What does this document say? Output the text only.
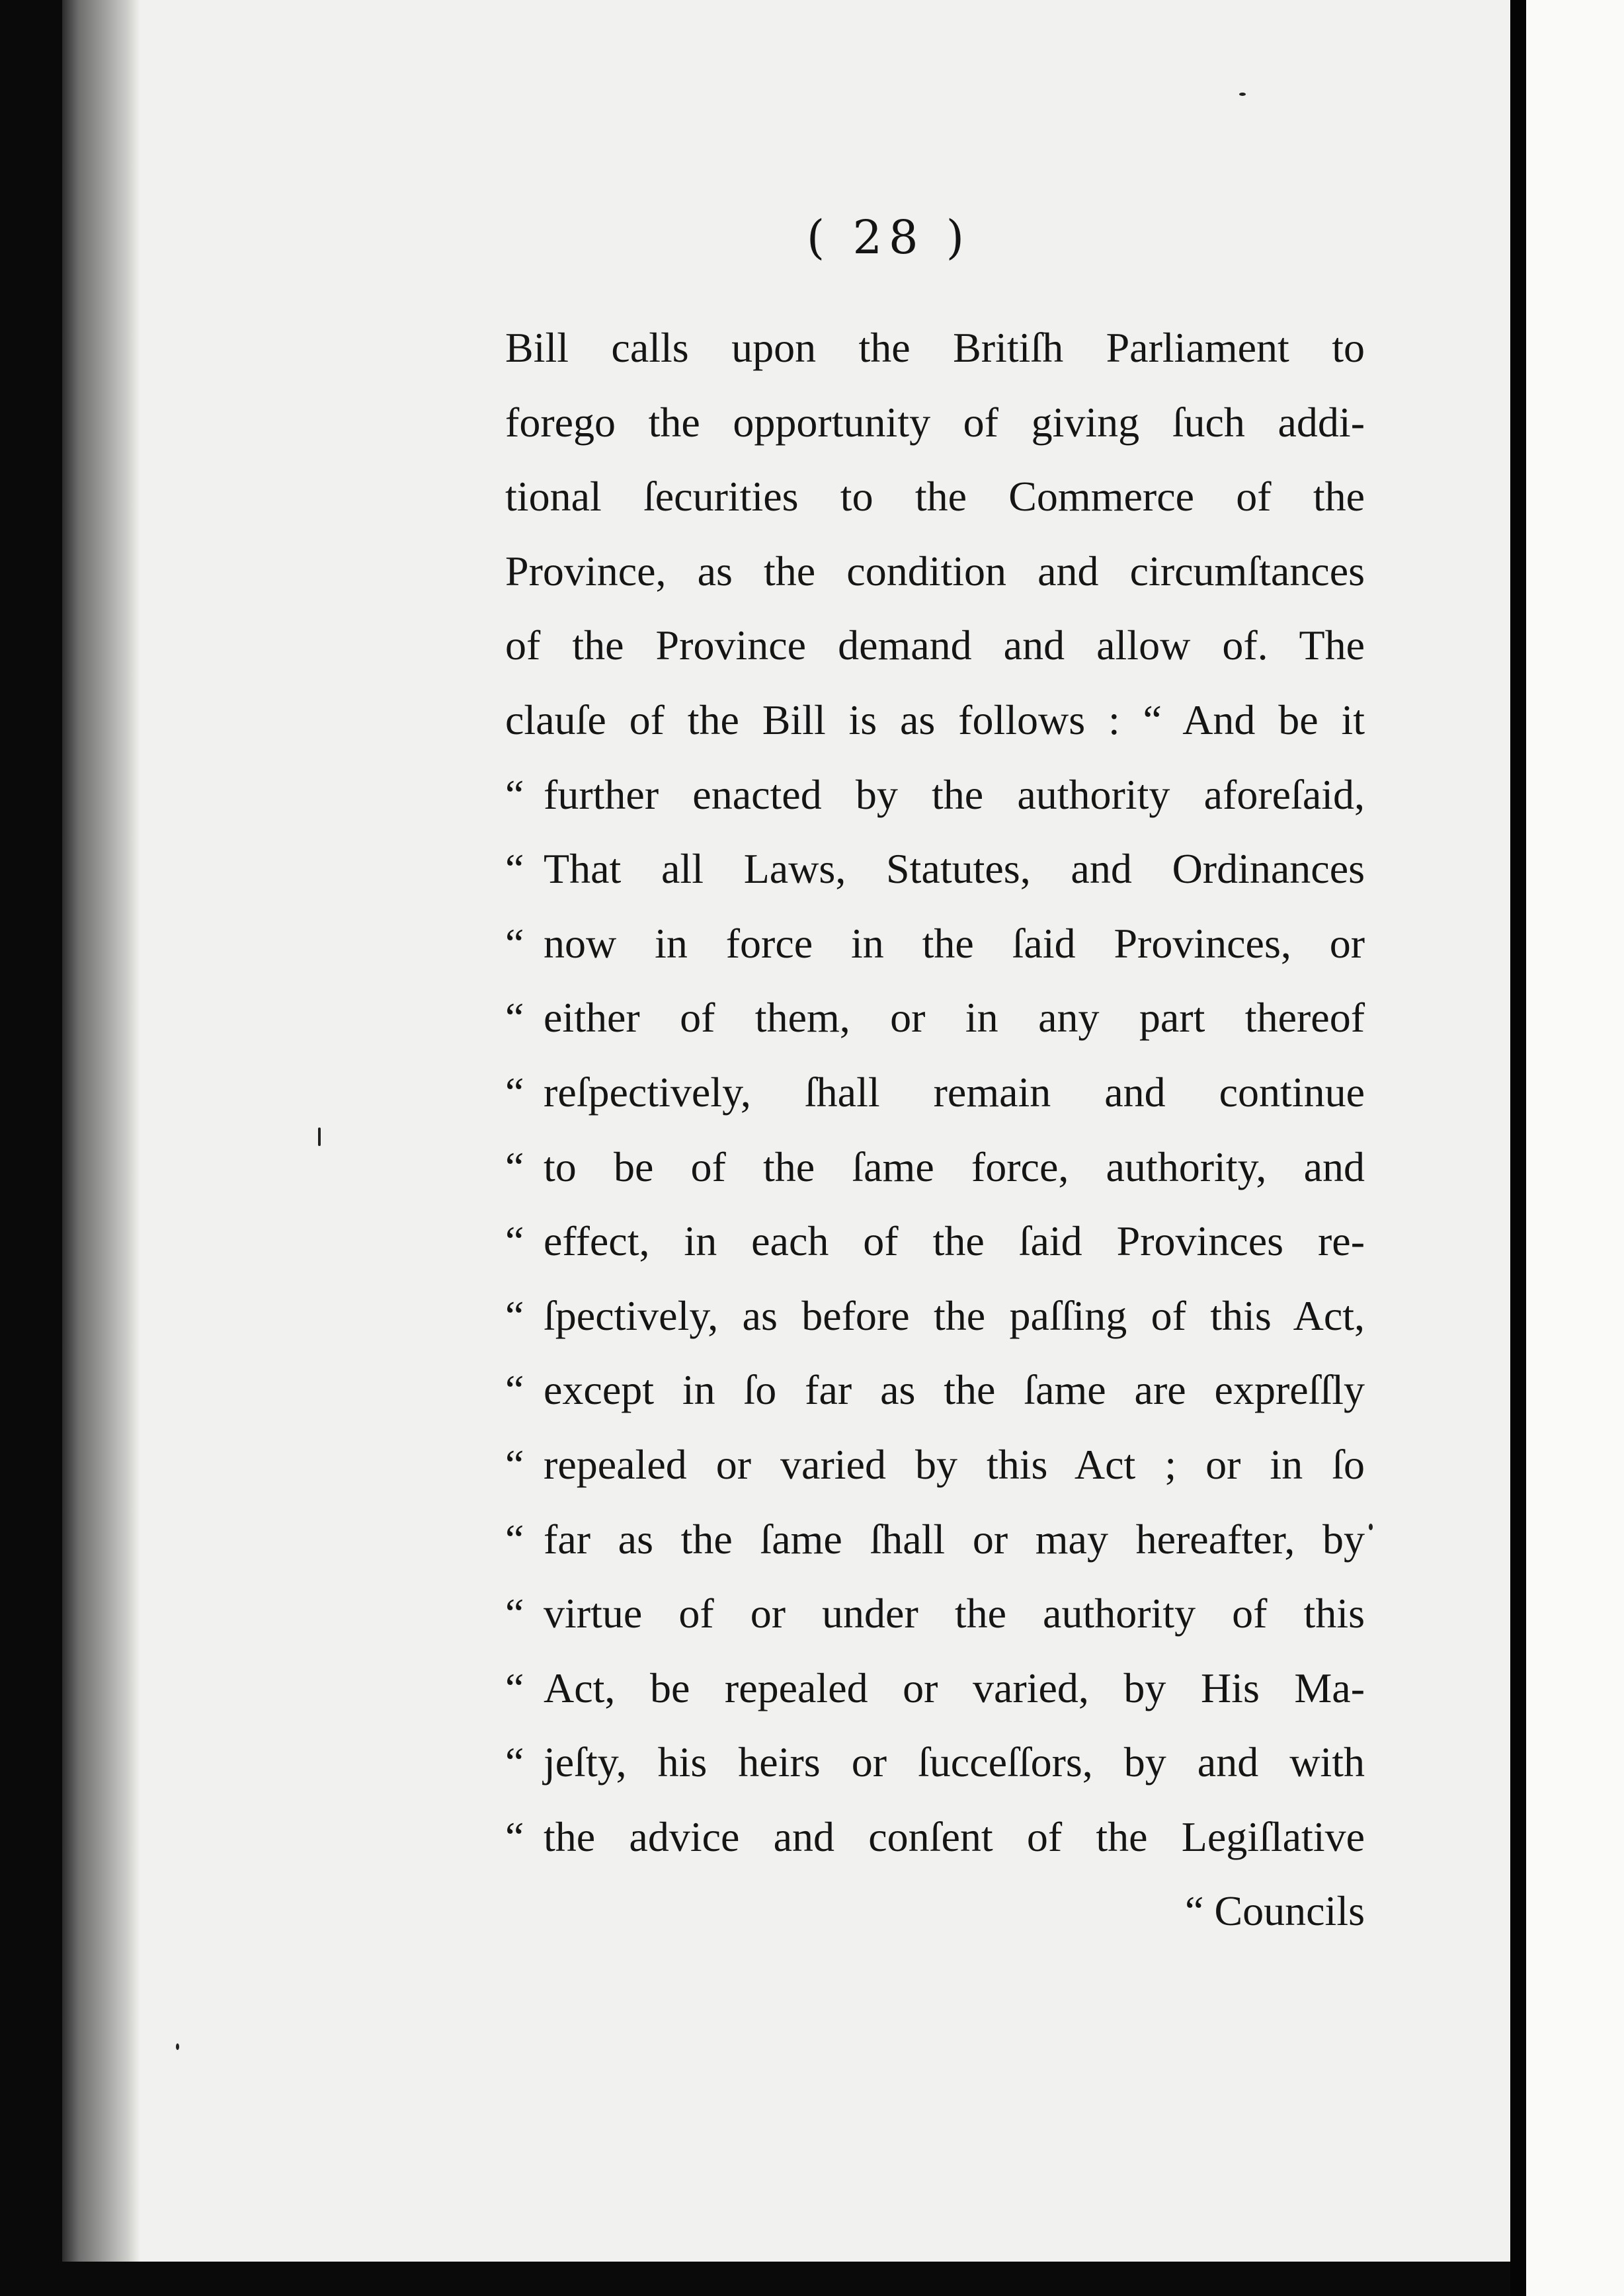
( 28 )
Bill calls upon the Britiſh Parliament to
forego the opportunity of giving ſuch addi-
tional ſecurities to the Commerce of the
Province, as the condition and circumſtances
of the Province demand and allow of. The
clauſe of the Bill is as follows : “ And be it
“ further enacted by the authority aforeſaid,
“ That all Laws, Statutes, and Ordinances
“ now in force in the ſaid Provinces, or
“ either of them, or in any part thereof
“ reſpectively, ſhall remain and continue
“ to be of the ſame force, authority, and
“ effect, in each of the ſaid Provinces re-
“ ſpectively, as before the paſſing of this Act,
“ except in ſo far as the ſame are expreſſly
“ repealed or varied by this Act ; or in ſo
“ far as the ſame ſhall or may hereafter, by
“ virtue of or under the authority of this
“ Act, be repealed or varied, by His Ma-
“ jeſty, his heirs or ſucceſſors, by and with
“ the advice and conſent of the Legiſlative
“ Councils
